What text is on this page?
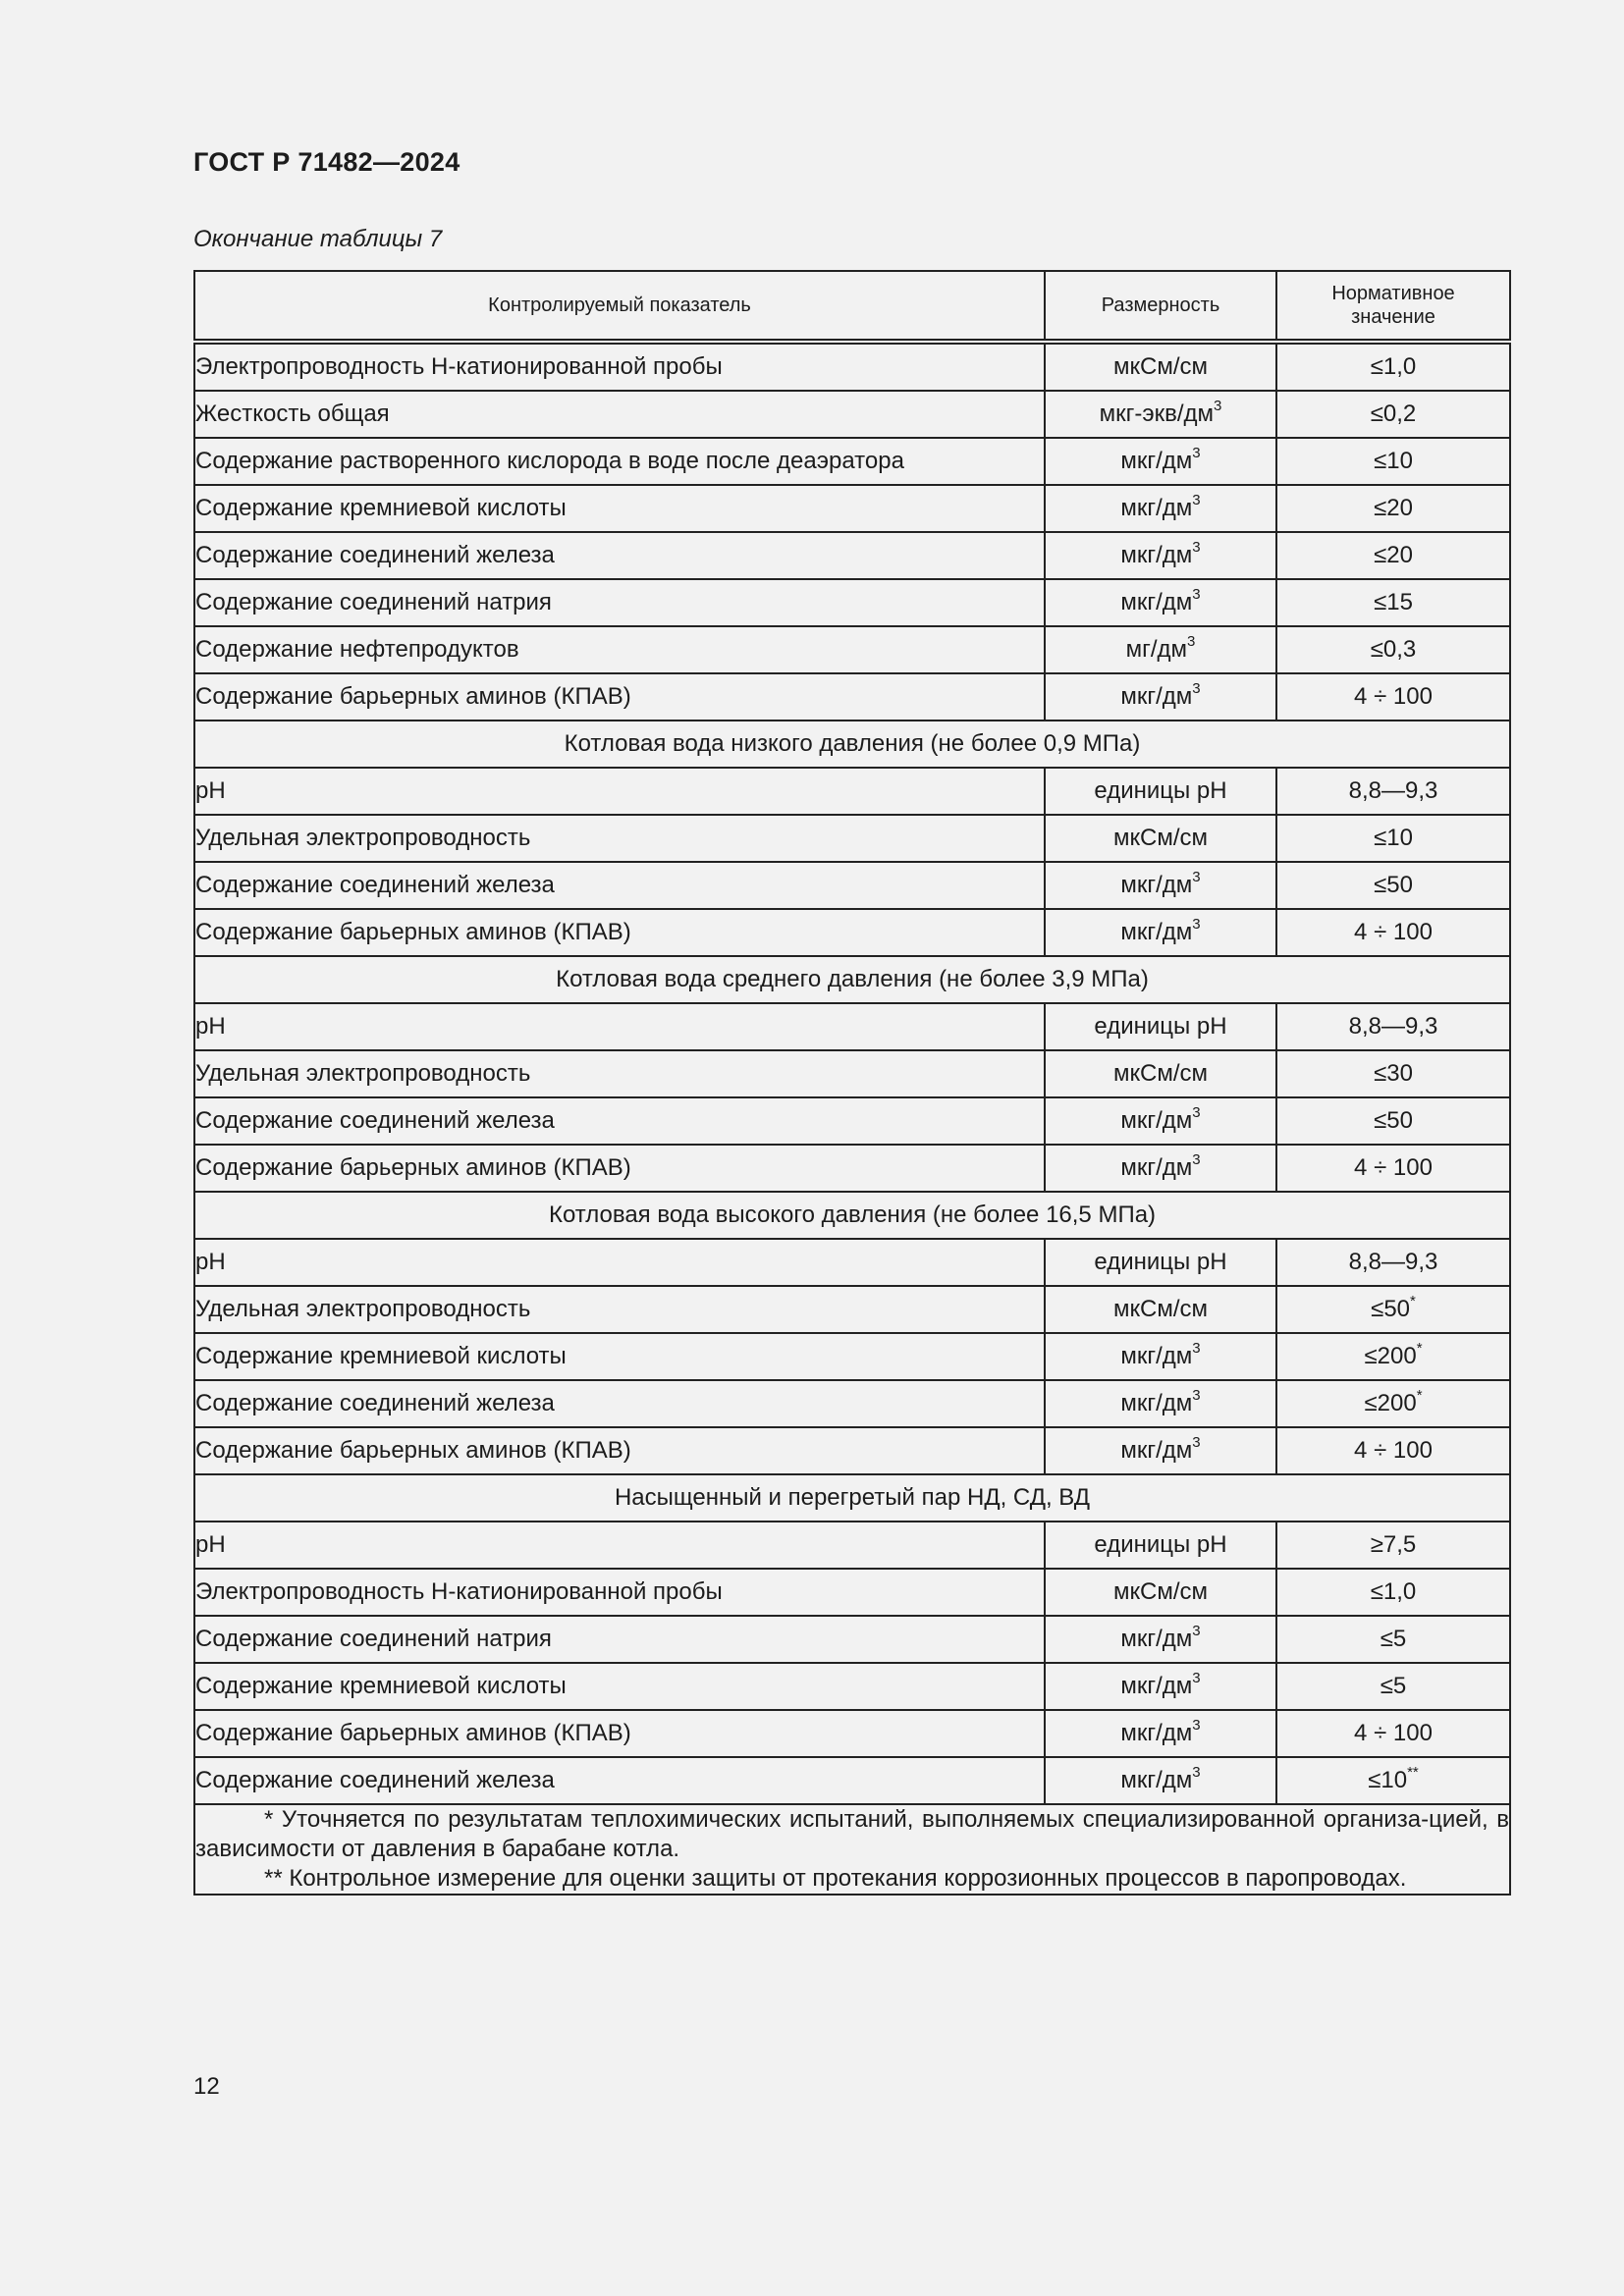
ГОСТ Р 71482—2024
Окончание таблицы 7
Контролируемый показатель	Размерность	Нормативное значение
Электропроводность Н-катионированной пробы	мкСм/см	≤1,0
Жесткость общая	мкг-$экв/дм^3$	≤0,2
Содержание растворенного кислорода в воде после деаэратора	мкг/$дм^3$	≤10
Содержание кремниевой кислоты	мкг/$дм^3$	≤20
Содержание соединений железа	мкг/$дм^3$	≤20
Содержание соединений натрия	мкг/$дм^3$	≤15
Содержание нефтепродуктов	$мг/дм^3$	≤0,3
Содержание барьерных аминов (КПАВ)	мкг/$дм^3$	4 ÷ 100
Котловая вода низкого давления (не более 0,9 МПа)		
pH	единицы pH	8,8—9,3
Удельная электропроводность	мкСм/см	≤10
Содержание соединений железа	мкг/$дм^3$	≤50
Содержание барьерных аминов (КПАВ)	мкг/$дм^3$	4 ÷ 100
Котловая вода среднего давления (не более 3,9 МПа)		
pH	единицы pH	8,8—9,3
Удельная электропроводность	мкСм/см	≤30
Содержание соединений железа	мкг/$дм^3$	≤50
Содержание барьерных аминов (КПАВ)	мкг/$дм^3$	4 ÷ 100
Котловая вода высокого давления (не более 16,5 МПа)		
pH	единицы pH	8,8—9,3
Удельная электропроводность	мкСм/см	≤50*
Содержание кремниевой кислоты	мкг/$дм^3$	≤200*
Содержание соединений железа	мкг/$дм^3$	≤200*
Содержание барьерных аминов (КПАВ)	мкг/$дм^3$	4 ÷ 100
Насыщенный и перегретый пар НД, СД, ВД		
pH	единицы pH	≥7,5
Электропроводность Н-катионированной пробы	мкСм/см	≤1,0
Содержание соединений натрия	мкг/$дм^3$	≤5
Содержание кремниевой кислоты	мкг/$дм^3$	≤5
Содержание барьерных аминов (КПАВ)	мкг/$дм^3$	4 ÷ 100
Содержание соединений железа	мкг/$дм^3$	≤10**

* Уточняется по результатам теплохимических испытаний, выполняемых специализированной организа-цией, в зависимости от давления в барабане котла.
** Контрольное измерение для оценки защиты от протекания коррозионных процессов в паропроводах.		
12
